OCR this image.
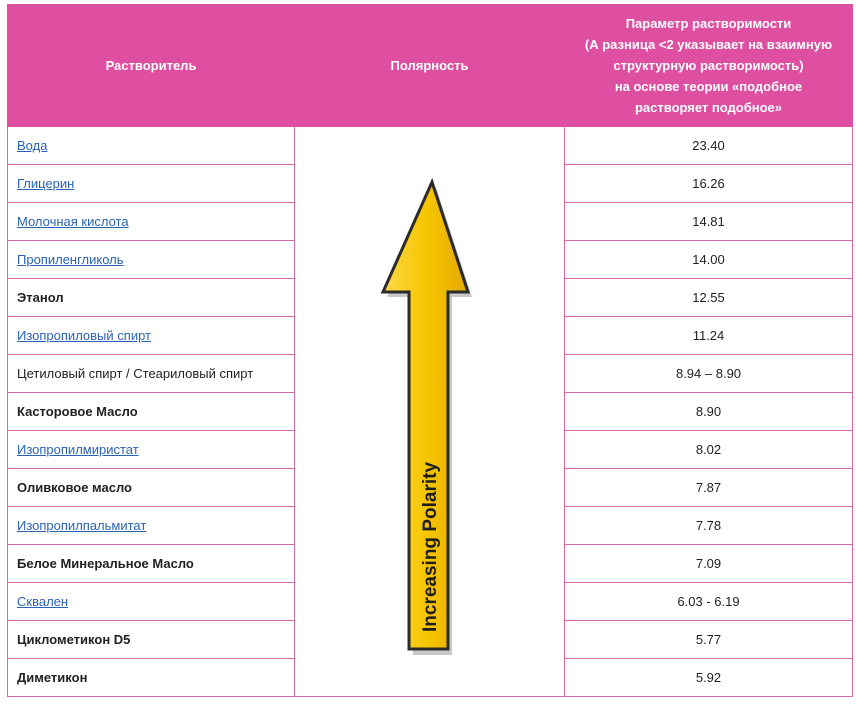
Растворитель	Полярность	Параметр растворимости
(А разница <2 указывает на взаимную
структурную растворимость)
на основе теории «подобное
растворяет подобное»
Вода	Increasing Polarity	23.40
Глицерин		16.26
Молочная кислота		14.81
Пропиленгликоль		14.00
Этанол		12.55
Изопропиловый спирт		11.24
Цетиловый спирт / Стеариловый спирт		8.94 – 8.90
Касторовое Масло		8.90
Изопропилмиристат		8.02
Оливковое масло		7.87
Изопропилпальмитат		7.78
Белое Минеральное Масло		7.09
Сквален		6.03 - 6.19
Циклометикон D5		5.77
Диметикон		5.92
